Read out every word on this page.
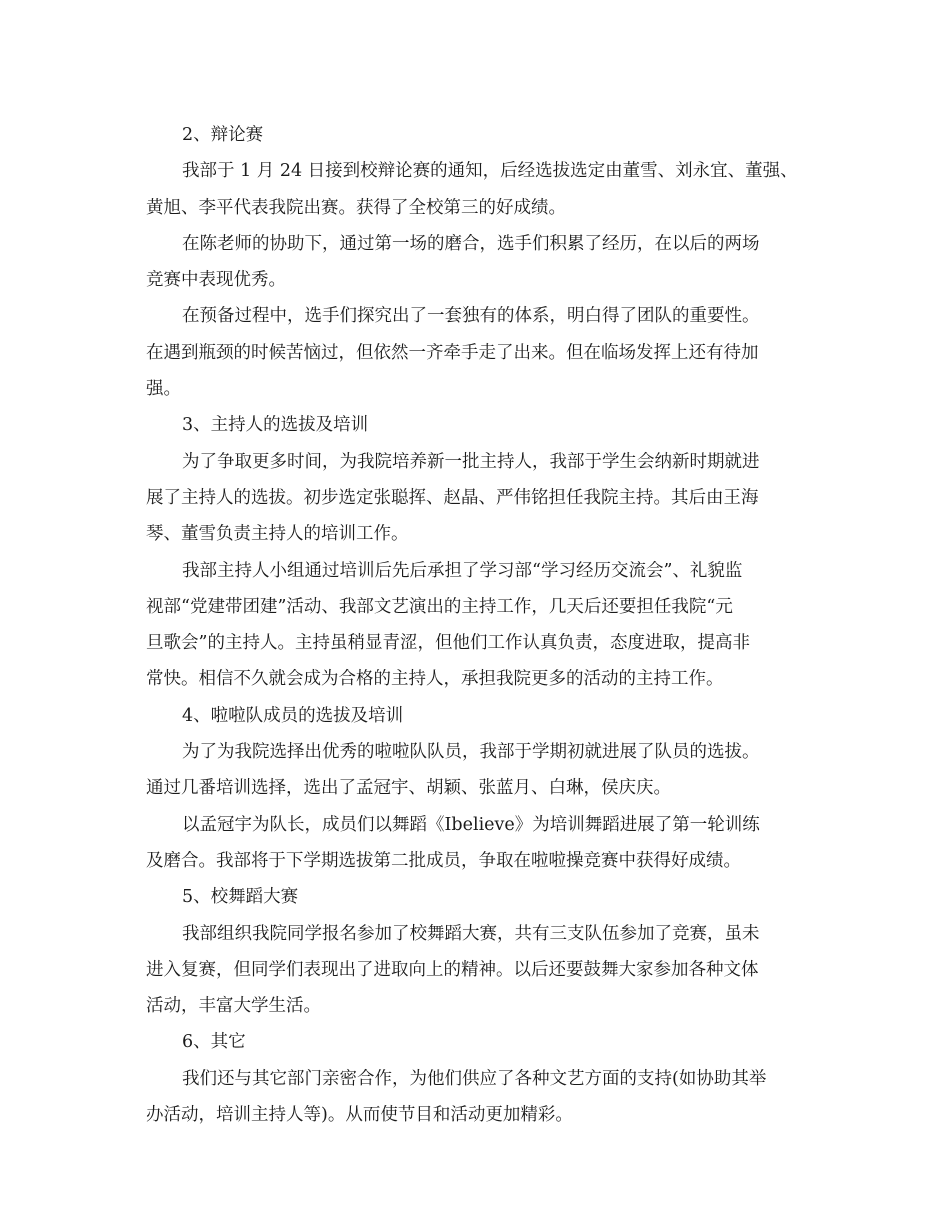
2、辩论赛
我部于 1 月 24 日接到校辩论赛的通知，后经选拔选定由董雪、刘永宜、董强、
黄旭、李平代表我院出赛。获得了全校第三的好成绩。
在陈老师的协助下，通过第一场的磨合，选手们积累了经历，在以后的两场
竞赛中表现优秀。
在预备过程中，选手们探究出了一套独有的体系，明白得了团队的重要性。
在遇到瓶颈的时候苦恼过，但依然一齐牵手走了出来。但在临场发挥上还有待加
强。
3、主持人的选拔及培训
为了争取更多时间，为我院培养新一批主持人，我部于学生会纳新时期就进
展了主持人的选拔。初步选定张聪挥、赵晶、严伟铭担任我院主持。其后由王海
琴、董雪负责主持人的培训工作。
我部主持人小组通过培训后先后承担了学习部“学习经历交流会”、礼貌监
视部“党建带团建”活动、我部文艺演出的主持工作，几天后还要担任我院“元
旦歌会”的主持人。主持虽稍显青涩，但他们工作认真负责，态度进取，提高非
常快。相信不久就会成为合格的主持人，承担我院更多的活动的主持工作。
4、啦啦队成员的选拔及培训
为了为我院选择出优秀的啦啦队队员，我部于学期初就进展了队员的选拔。
通过几番培训选择，选出了孟冠宇、胡颖、张蓝月、白琳，侯庆庆。
以孟冠宇为队长，成员们以舞蹈《Ibelieve》为培训舞蹈进展了第一轮训练
及磨合。我部将于下学期选拔第二批成员，争取在啦啦操竞赛中获得好成绩。
5、校舞蹈大赛
我部组织我院同学报名参加了校舞蹈大赛，共有三支队伍参加了竞赛，虽未
进入复赛，但同学们表现出了进取向上的精神。以后还要鼓舞大家参加各种文体
活动，丰富大学生活。
6、其它
我们还与其它部门亲密合作，为他们供应了各种文艺方面的支持(如协助其举
办活动，培训主持人等)。从而使节目和活动更加精彩。
